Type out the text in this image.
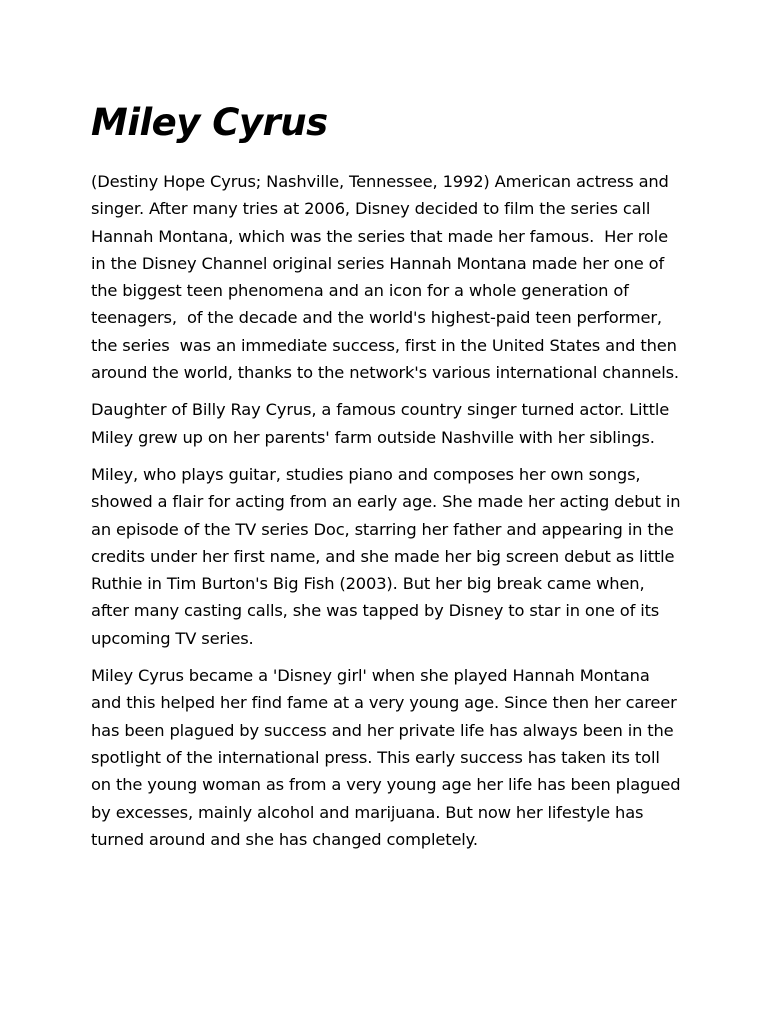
Miley Cyrus

(Destiny Hope Cyrus; Nashville, Tennessee, 1992) American actress and singer. After many tries at 2006, Disney decided to film the series call Hannah Montana, which was the series that made her famous.  Her role in the Disney Channel original series Hannah Montana made her one of the biggest teen phenomena and an icon for a whole generation of teenagers,  of the decade and the world's highest-paid teen performer, the series  was an immediate success, first in the United States and then around the world, thanks to the network's various international channels.

Daughter of Billy Ray Cyrus, a famous country singer turned actor. Little Miley grew up on her parents' farm outside Nashville with her siblings.

Miley, who plays guitar, studies piano and composes her own songs, showed a flair for acting from an early age. She made her acting debut in an episode of the TV series Doc, starring her father and appearing in the credits under her first name, and she made her big screen debut as little Ruthie in Tim Burton's Big Fish (2003). But her big break came when, after many casting calls, she was tapped by Disney to star in one of its upcoming TV series.

Miley Cyrus became a 'Disney girl' when she played Hannah Montana and this helped her find fame at a very young age. Since then her career has been plagued by success and her private life has always been in the spotlight of the international press. This early success has taken its toll on the young woman as from a very young age her life has been plagued by excesses, mainly alcohol and marijuana. But now her lifestyle has turned around and she has changed completely.
